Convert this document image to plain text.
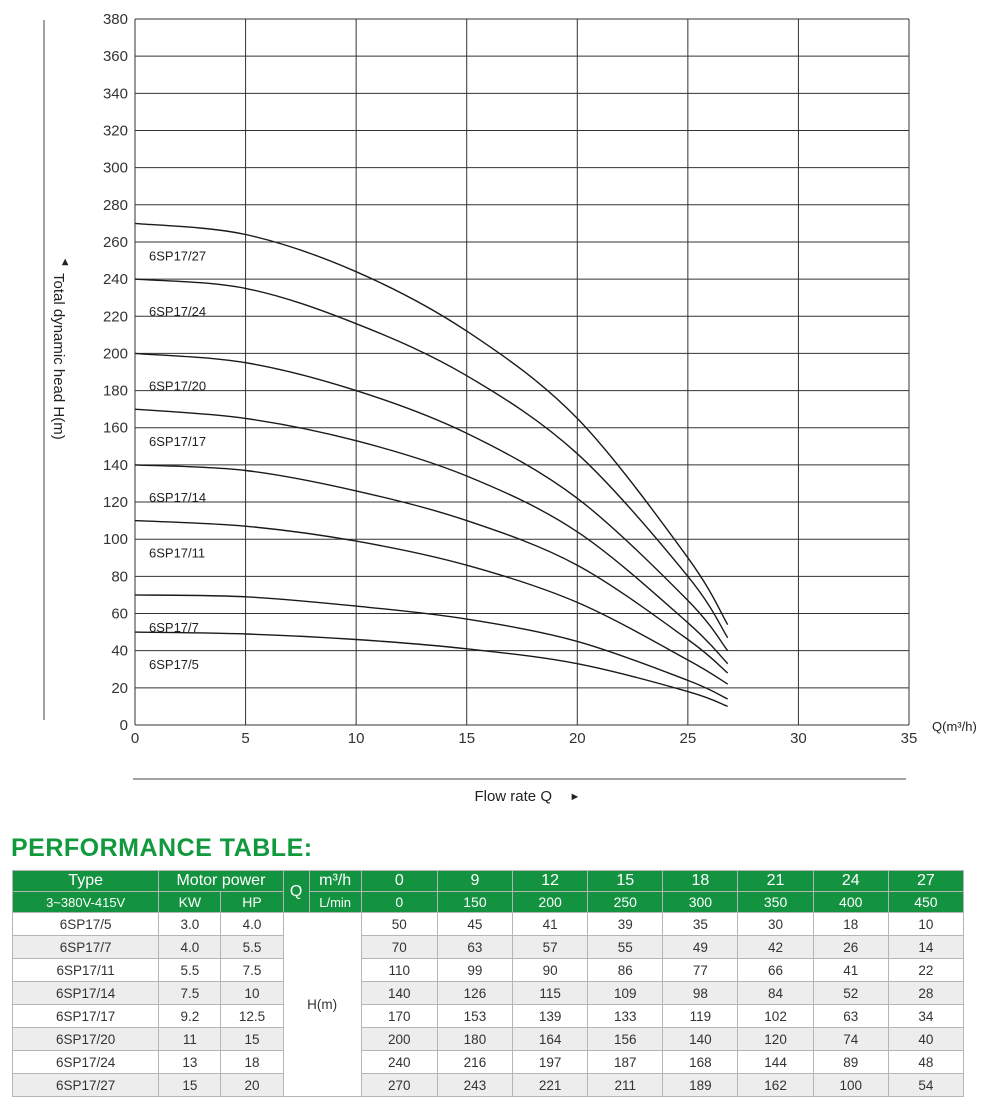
0
20
40
60
80
100
120
140
160
180
200
220
240
260
280
300
320
340
360
380
0	5	10	15	20	25	30	35
6SP17/27
6SP17/24
6SP17/20
6SP17/17
6SP17/14
6SP17/11
6SP17/7
6SP17/5
◄
Total dynamic head H(m)
Q(m³/h)
Flow rate Q ►
PERFORMANCE TABLE:
Type	Motor power		Q	m³/h	0	9	12	15	18	21	24	27
3~380V-415V	KW	HP		L/min	0	150	200	250	300	350	400	450
6SP17/5	3.0	4.0	H(m)		50	45	41	39	35	30	18	10
6SP17/7	4.0	5.5			70	63	57	55	49	42	26	14
6SP17/11	5.5	7.5			110	99	90	86	77	66	41	22
6SP17/14	7.5	10			140	126	115	109	98	84	52	28
6SP17/17	9.2	12.5			170	153	139	133	119	102	63	34
6SP17/20	11	15			200	180	164	156	140	120	74	40
6SP17/24	13	18			240	216	197	187	168	144	89	48
6SP17/27	15	20			270	243	221	211	189	162	100	54
